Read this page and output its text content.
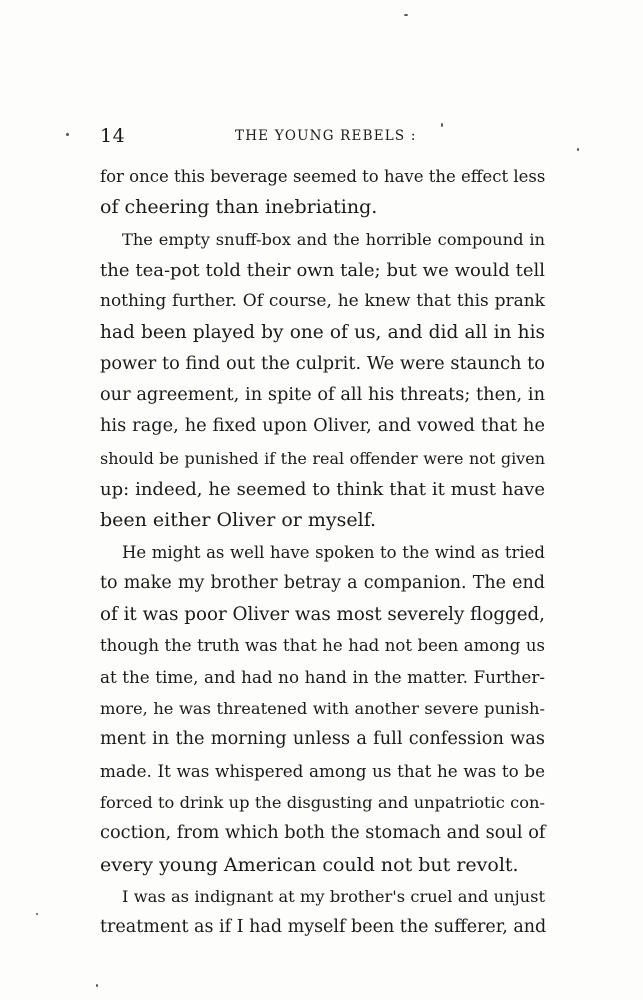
14	THE YOUNG REBELS :
for once this beverage seemed to have the effect less
of cheering than inebriating.
The empty snuff-box and the horrible compound in
the tea-pot told their own tale; but we would tell
nothing further. Of course, he knew that this prank
had been played by one of us, and did all in his
power to find out the culprit. We were staunch to
our agreement, in spite of all his threats; then, in
his rage, he fixed upon Oliver, and vowed that he
should be punished if the real offender were not given
up: indeed, he seemed to think that it must have
been either Oliver or myself.
He might as well have spoken to the wind as tried
to make my brother betray a companion. The end
of it was poor Oliver was most severely flogged,
though the truth was that he had not been among us
at the time, and had no hand in the matter. Further-
more, he was threatened with another severe punish-
ment in the morning unless a full confession was
made. It was whispered among us that he was to be
forced to drink up the disgusting and unpatriotic con-
coction, from which both the stomach and soul of
every young American could not but revolt.
I was as indignant at my brother's cruel and unjust
treatment as if I had myself been the sufferer, and
